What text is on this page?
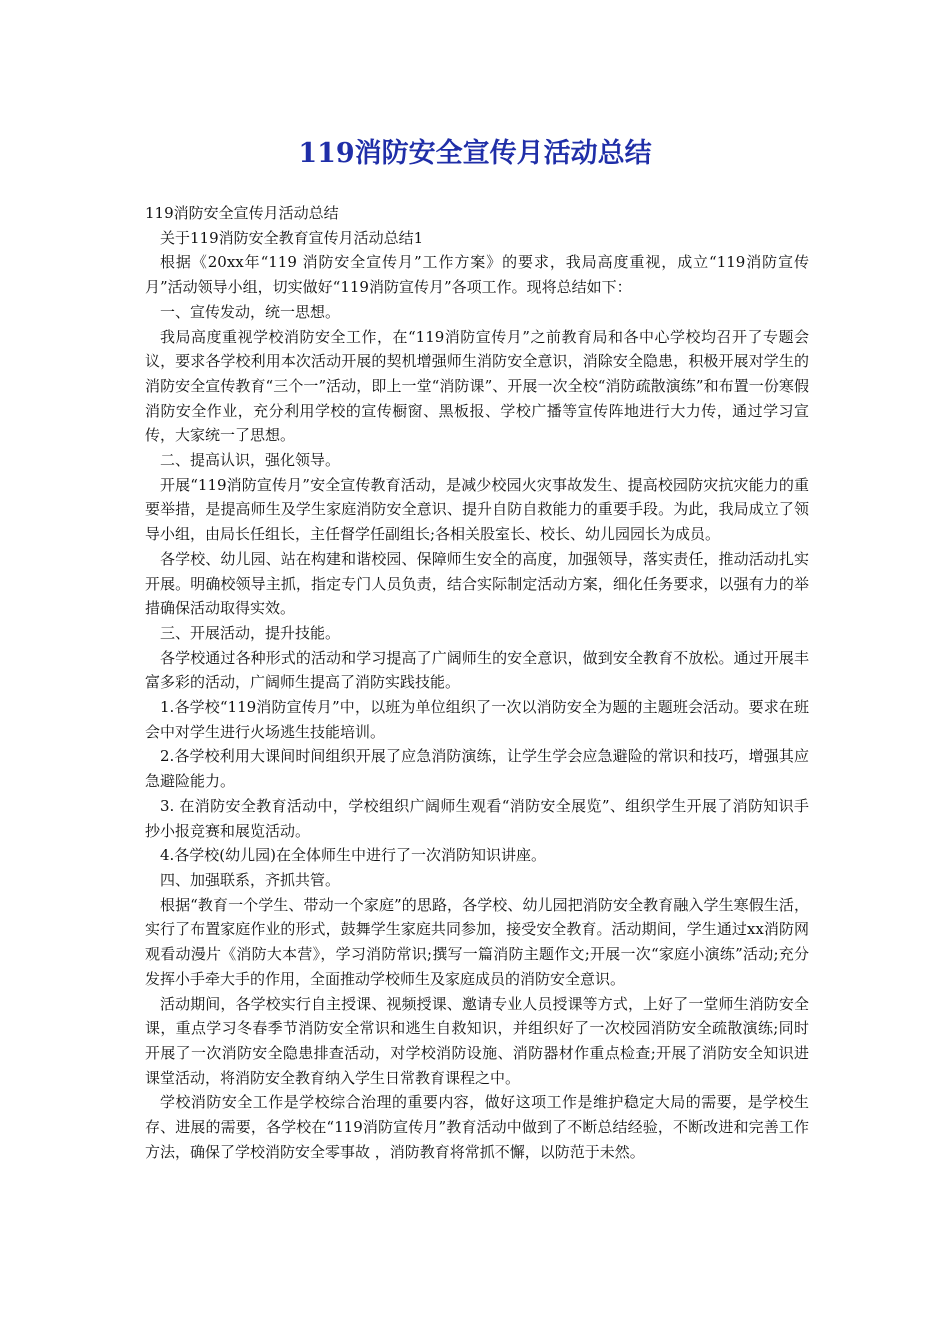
119消防安全宣传月活动总结

119消防安全宣传月活动总结

关于119消防安全教育宣传月活动总结1

根据《20xx年“119 消防安全宣传月”工作方案》的要求，我局高度重视，成立“119消防宣传月”活动领导小组，切实做好“119消防宣传月”各项工作。现将总结如下：

一、宣传发动，统一思想。

我局高度重视学校消防安全工作，在“119消防宣传月”之前教育局和各中心学校均召开了专题会议，要求各学校利用本次活动开展的契机增强师生消防安全意识，消除安全隐患，积极开展对学生的消防安全宣传教育“三个一”活动，即上一堂“消防课”、开展一次全校“消防疏散演练”和布置一份寒假消防安全作业，充分利用学校的宣传橱窗、黑板报、学校广播等宣传阵地进行大力传，通过学习宣传，大家统一了思想。

二、提高认识，强化领导。

开展“119消防宣传月”安全宣传教育活动，是减少校园火灾事故发生、提高校园防灾抗灾能力的重要举措，是提高师生及学生家庭消防安全意识、提升自防自救能力的重要手段。为此，我局成立了领导小组，由局长任组长，主任督学任副组长;各相关股室长、校长、幼儿园园长为成员。

各学校、幼儿园、站在构建和谐校园、保障师生安全的高度，加强领导，落实责任，推动活动扎实开展。明确校领导主抓，指定专门人员负责，结合实际制定活动方案，细化任务要求，以强有力的举措确保活动取得实效。

三、开展活动，提升技能。

各学校通过各种形式的活动和学习提高了广阔师生的安全意识，做到安全教育不放松。通过开展丰富多彩的活动，广阔师生提高了消防实践技能。

1.各学校“119消防宣传月”中，以班为单位组织了一次以消防安全为题的主题班会活动。要求在班会中对学生进行火场逃生技能培训。

2.各学校利用大课间时间组织开展了应急消防演练，让学生学会应急避险的常识和技巧，增强其应急避险能力。

3. 在消防安全教育活动中，学校组织广阔师生观看“消防安全展览”、组织学生开展了消防知识手抄小报竞赛和展览活动。

4.各学校(幼儿园)在全体师生中进行了一次消防知识讲座。

四、加强联系，齐抓共管。

根据“教育一个学生、带动一个家庭”的思路，各学校、幼儿园把消防安全教育融入学生寒假生活，实行了布置家庭作业的形式，鼓舞学生家庭共同参加，接受安全教育。活动期间，学生通过xx消防网观看动漫片《消防大本营》，学习消防常识;撰写一篇消防主题作文;开展一次“家庭小演练”活动;充分发挥小手牵大手的作用，全面推动学校师生及家庭成员的消防安全意识。

活动期间，各学校实行自主授课、视频授课、邀请专业人员授课等方式，上好了一堂师生消防安全课，重点学习冬春季节消防安全常识和逃生自救知识，并组织好了一次校园消防安全疏散演练;同时开展了一次消防安全隐患排查活动，对学校消防设施、消防器材作重点检查;开展了消防安全知识进课堂活动，将消防安全教育纳入学生日常教育课程之中。

学校消防安全工作是学校综合治理的重要内容，做好这项工作是维护稳定大局的需要，是学校生存、进展的需要，各学校在“119消防宣传月”教育活动中做到了不断总结经验，不断改进和完善工作方法，确保了学校消防安全零事故 ，消防教育将常抓不懈，以防范于未然。
